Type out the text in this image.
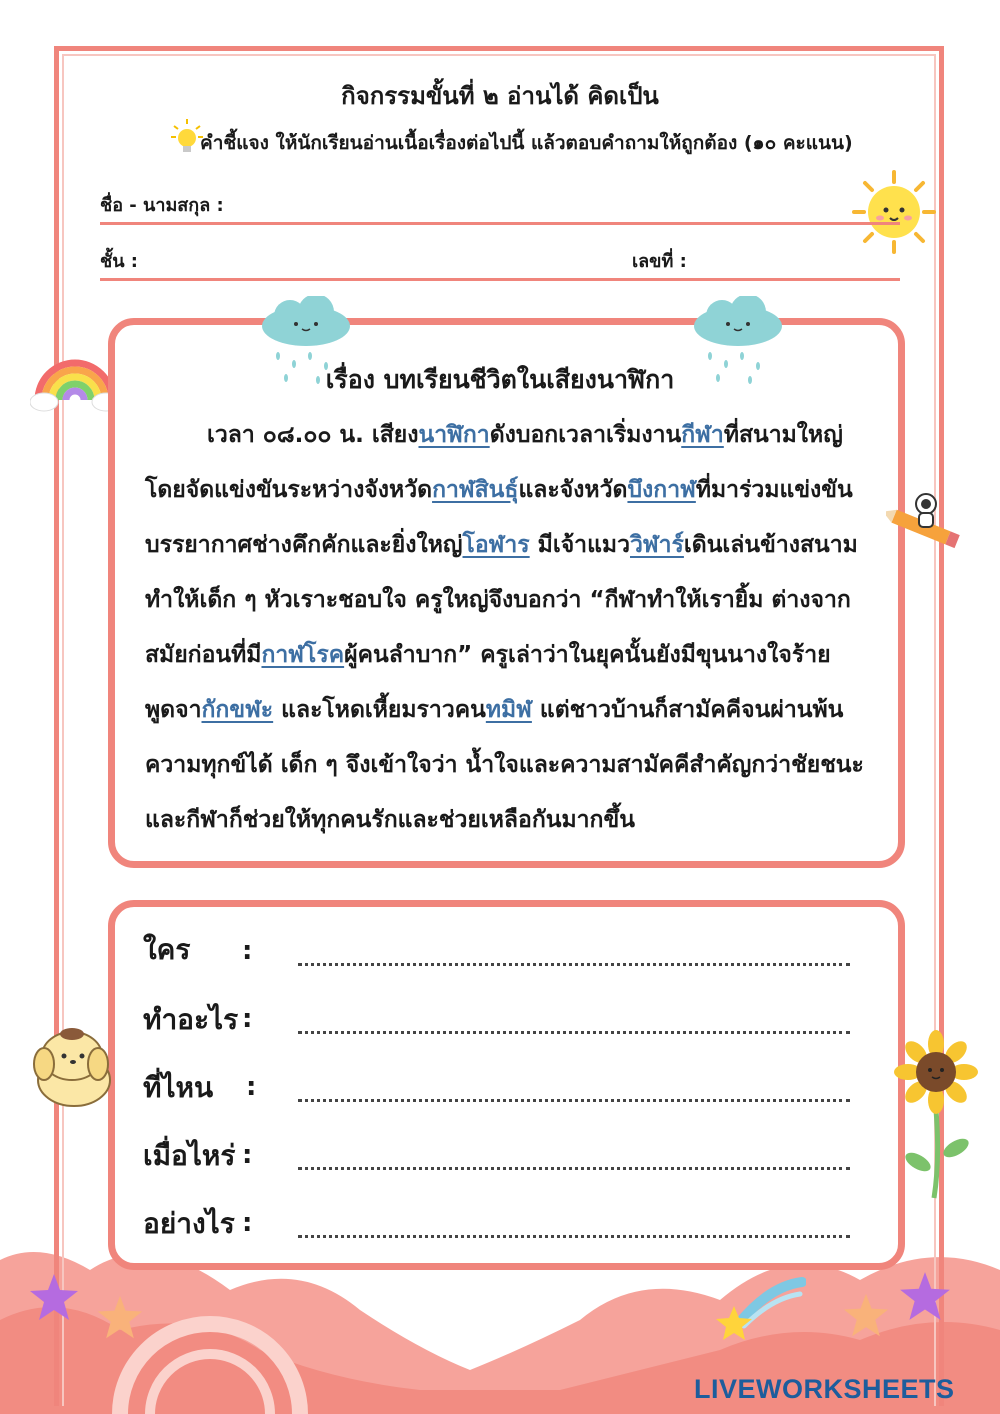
กิจกรรมขั้นที่ ๒ อ่านได้ คิดเป็น
คำชี้แจง ให้นักเรียนอ่านเนื้อเรื่องต่อไปนี้ แล้วตอบคำถามให้ถูกต้อง (๑๐ คะแนน)
ชื่อ - นามสกุล :
ชั้น :	เลขที่ :
เรื่อง บทเรียนชีวิตในเสียงนาฬิกา
เวลา ๐๘.๐๐ น. เสียงนาฬิกาดังบอกเวลาเริ่มงานกีฬาที่สนามใหญ่
โดยจัดแข่งขันระหว่างจังหวัดกาฬสินธุ์และจังหวัดบึงกาฬที่มาร่วมแข่งขัน
บรรยากาศช่างคึกคักและยิ่งใหญ่โอฬาร มีเจ้าแมววิฬาร์เดินเล่นข้างสนาม
ทำให้เด็ก ๆ หัวเราะชอบใจ ครูใหญ่จึงบอกว่า “กีฬาทำให้เรายิ้ม ต่างจาก
สมัยก่อนที่มีกาฬโรคผู้คนลำบาก” ครูเล่าว่าในยุคนั้นยังมีขุนนางใจร้าย
พูดจากักขฬะ และโหดเหี้ยมราวคนทมิฬ แต่ชาวบ้านก็สามัคคีจนผ่านพ้น
ความทุกข์ได้ เด็ก ๆ จึงเข้าใจว่า น้ำใจและความสามัคคีสำคัญกว่าชัยชนะ
และกีฬาก็ช่วยให้ทุกคนรักและช่วยเหลือกันมากขึ้น
ใคร :
ทำอะไร :
ที่ไหน :
เมื่อไหร่ :
อย่างไร :
LIVEWORKSHEETS
